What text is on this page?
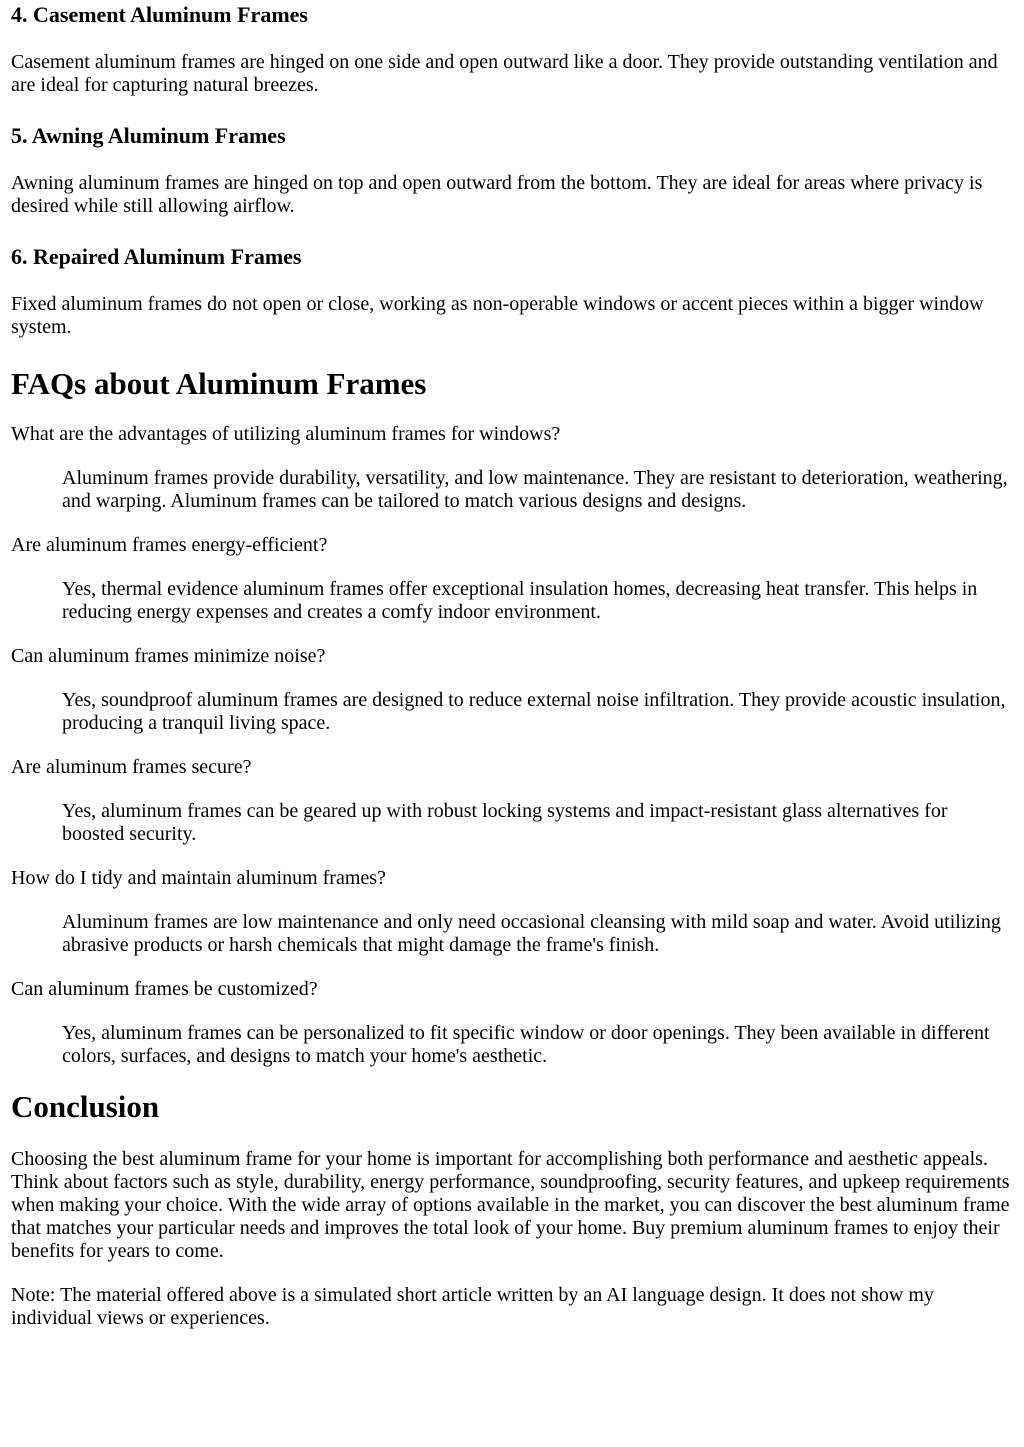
4. Casement Aluminum Frames

Casement aluminum frames are hinged on one side and open outward like a door. They provide outstanding ventilation and are ideal for capturing natural breezes.

5. Awning Aluminum Frames

Awning aluminum frames are hinged on top and open outward from the bottom. They are ideal for areas where privacy is desired while still allowing airflow.

6. Repaired Aluminum Frames

Fixed aluminum frames do not open or close, working as non-operable windows or accent pieces within a bigger window system.

FAQs about Aluminum Frames

What are the advantages of utilizing aluminum frames for windows?

Aluminum frames provide durability, versatility, and low maintenance. They are resistant to deterioration, weathering, and warping. Aluminum frames can be tailored to match various designs and designs.

Are aluminum frames energy-efficient?

Yes, thermal evidence aluminum frames offer exceptional insulation homes, decreasing heat transfer. This helps in reducing energy expenses and creates a comfy indoor environment.

Can aluminum frames minimize noise?

Yes, soundproof aluminum frames are designed to reduce external noise infiltration. They provide acoustic insulation, producing a tranquil living space.

Are aluminum frames secure?

Yes, aluminum frames can be geared up with robust locking systems and impact-resistant glass alternatives for boosted security.

How do I tidy and maintain aluminum frames?

Aluminum frames are low maintenance and only need occasional cleansing with mild soap and water. Avoid utilizing abrasive products or harsh chemicals that might damage the frame's finish.

Can aluminum frames be customized?

Yes, aluminum frames can be personalized to fit specific window or door openings. They been available in different colors, surfaces, and designs to match your home's aesthetic.

Conclusion

Choosing the best aluminum frame for your home is important for accomplishing both performance and aesthetic appeals. Think about factors such as style, durability, energy performance, soundproofing, security features, and upkeep requirements when making your choice. With the wide array of options available in the market, you can discover the best aluminum frame that matches your particular needs and improves the total look of your home. Buy premium aluminum frames to enjoy their benefits for years to come.

Note: The material offered above is a simulated short article written by an AI language design. It does not show my individual views or experiences.
